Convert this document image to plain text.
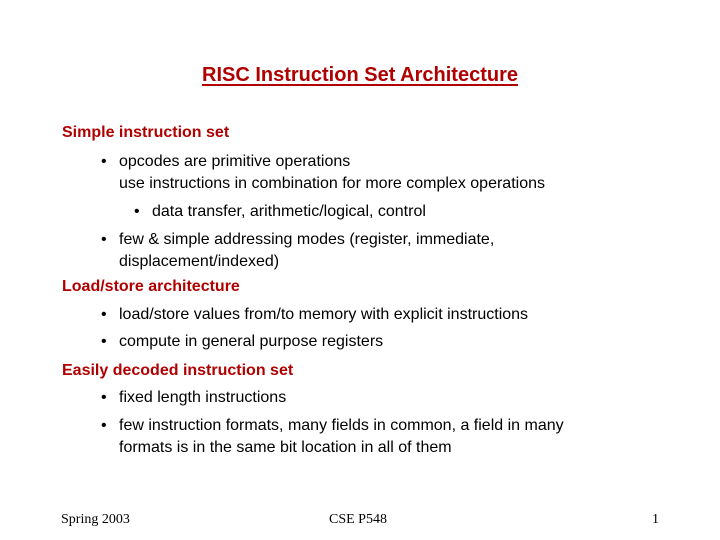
RISC Instruction Set Architecture
Simple instruction set
• opcodes are primitive operations
use instructions in combination for more complex operations
• data transfer, arithmetic/logical, control
• few & simple addressing modes (register, immediate,
displacement/indexed)
Load/store architecture
• load/store values from/to memory with explicit instructions
• compute in general purpose registers
Easily decoded instruction set
• fixed length instructions
• few instruction formats, many fields in common, a field in many
formats is in the same bit location in all of them
Spring 2003	CSE P548	1
